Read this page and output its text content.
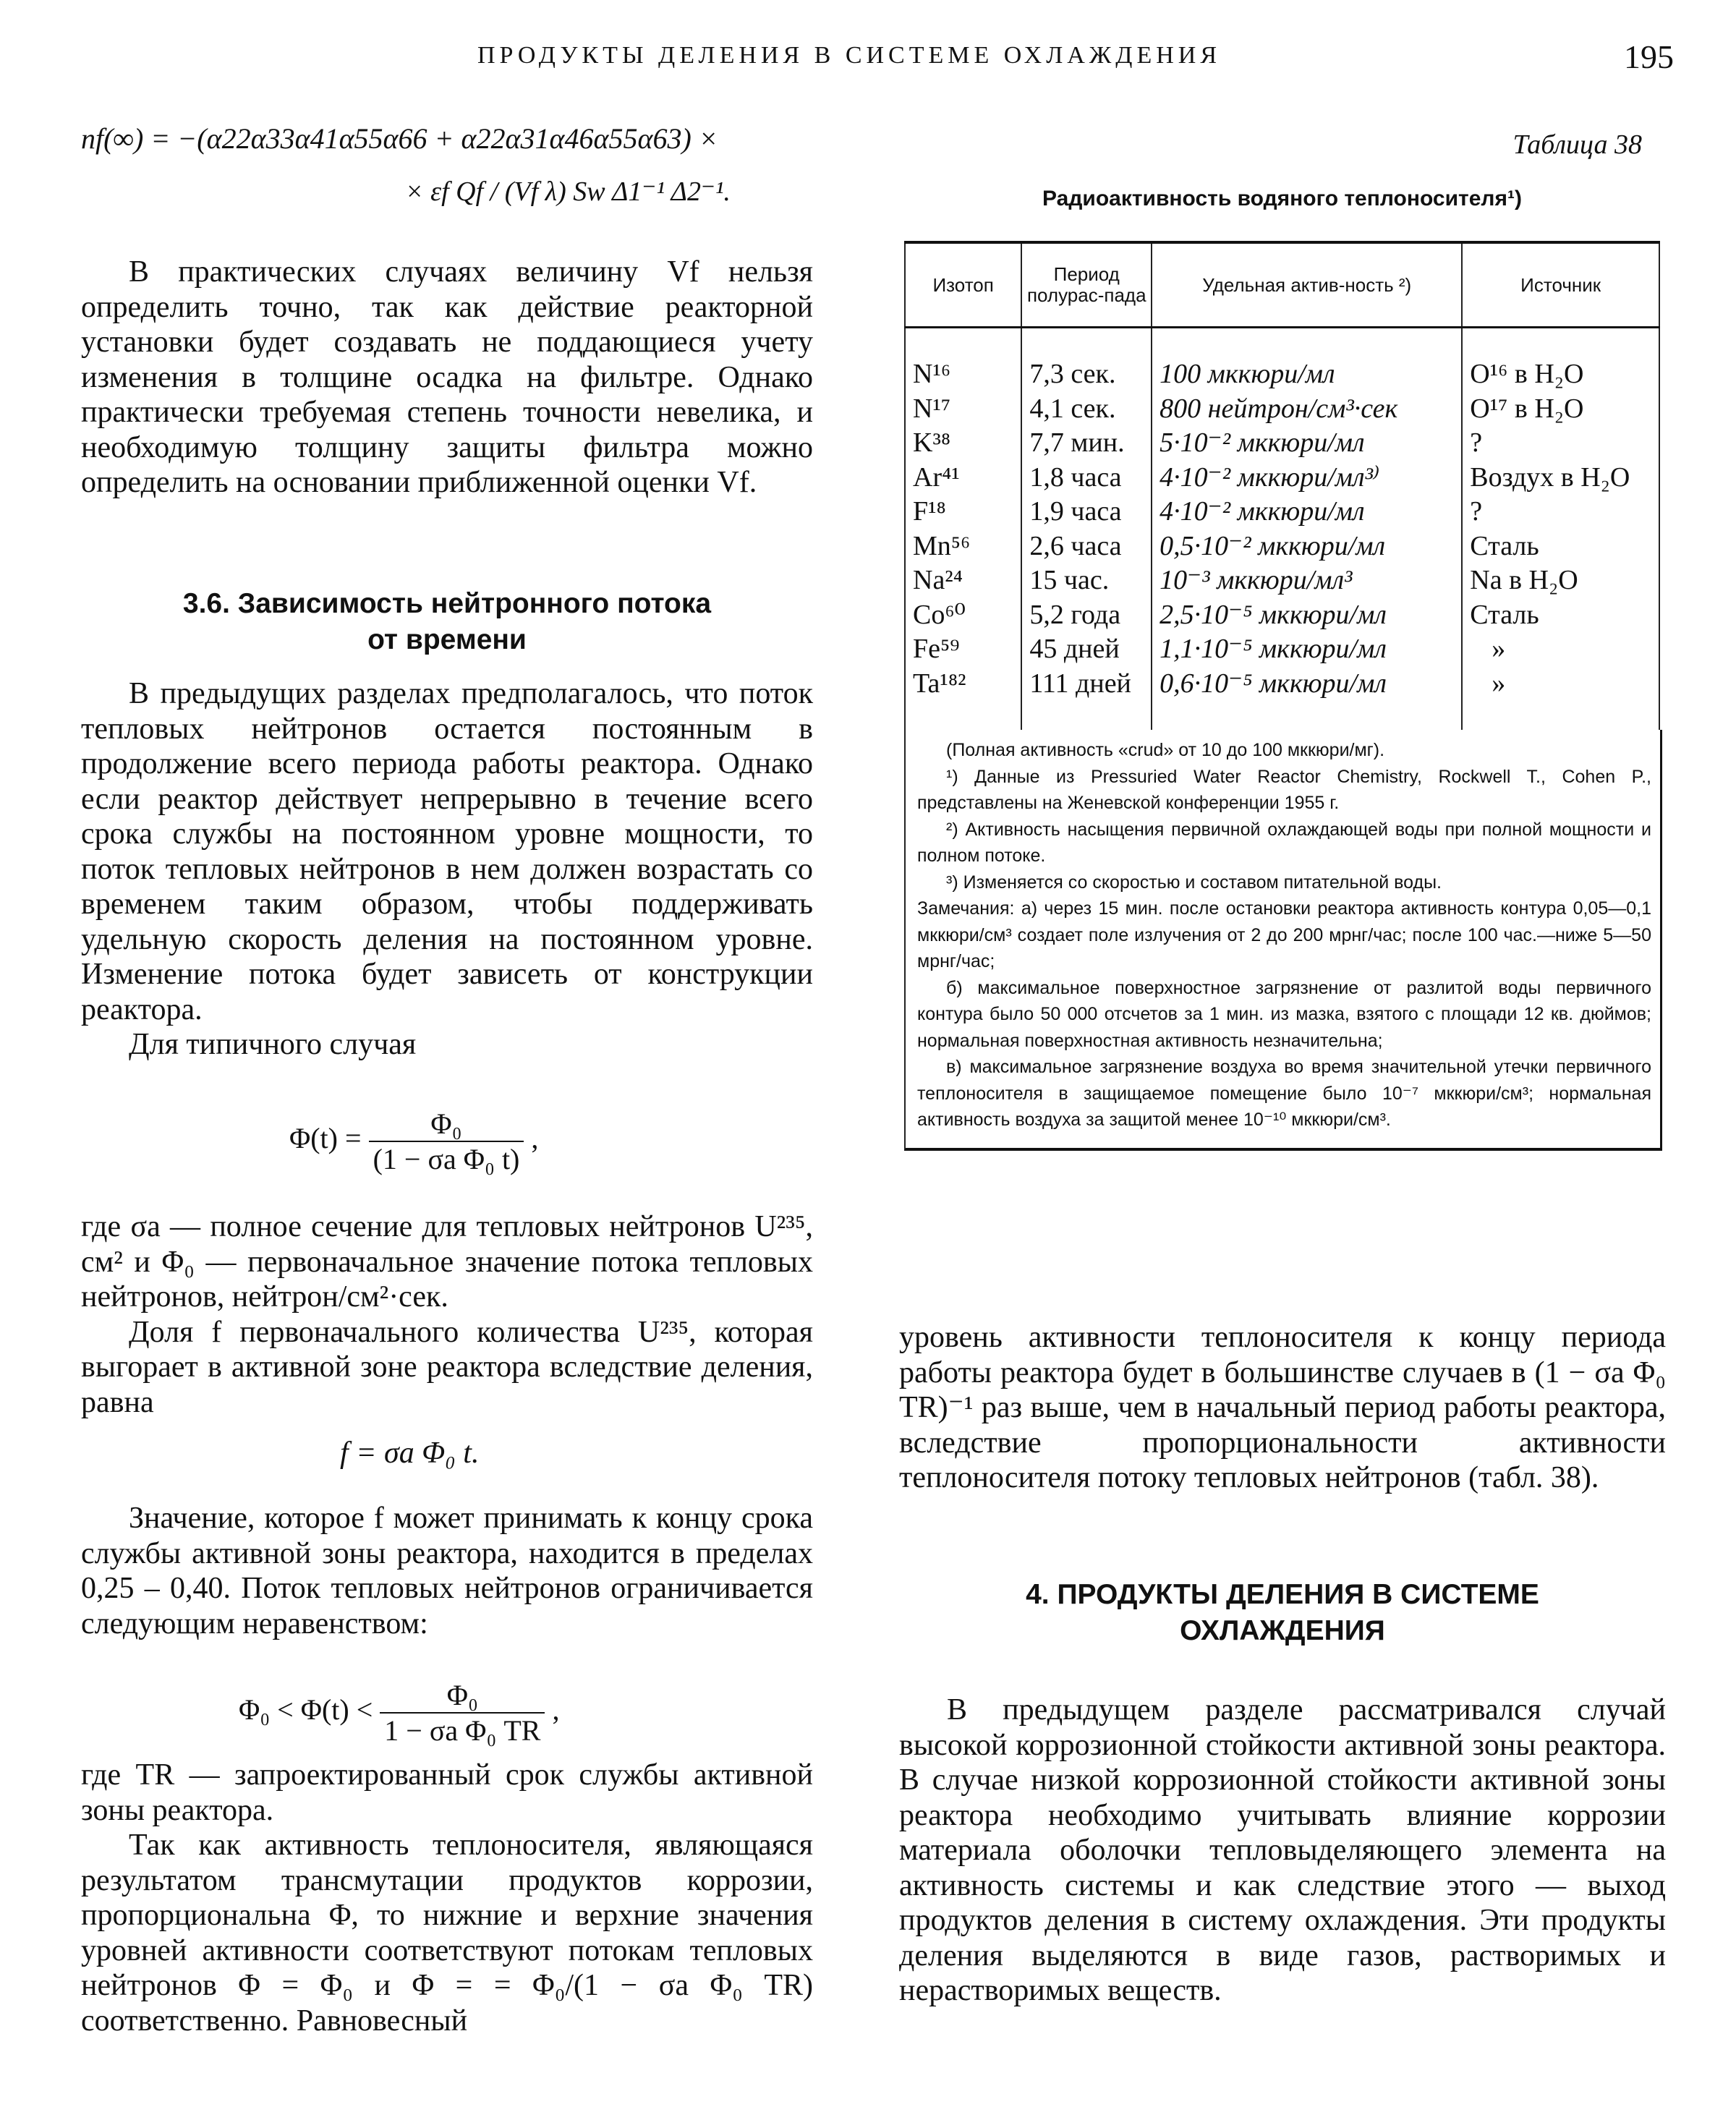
ПРОДУКТЫ ДЕЛЕНИЯ В СИСТЕМЕ ОХЛАЖДЕНИЯ	195
nf(∞) = −(α22α33α41α55α66 + α22α31α46α55α63) ×
× εf Qf / (Vf λ) Sw Δ1⁻¹ Δ2⁻¹.

В практических случаях величину Vf нельзя определить точно, так как действие реакторной установки будет создавать не поддающиеся учету изменения в толщине осадка на фильтре. Однако практически требуемая степень точности невелика, и необходимую толщину защиты фильтра можно определить на основании приближенной оценки Vf.

3.6. Зависимость нейтронного потока
от времени

В предыдущих разделах предполагалось, что поток тепловых нейтронов остается постоянным в продолжение всего периода работы реактора. Однако если реактор действует непрерывно в течение всего срока службы на постоянном уровне мощности, то поток тепловых нейтронов в нем должен возрастать со временем таким образом, чтобы поддерживать удельную скорость деления на постоянном уровне. Изменение потока будет зависеть от конструкции реактора.

Для типичного случая

$\Phi(t) = \frac{\text{Φ₀}}{\text{(1 − σa Φ₀ t)}}$ ,

где σa — полное сечение для тепловых нейтронов U²³⁵, см² и Φ₀ — первоначальное значение потока тепловых нейтронов, нейтрон/см²·сек.

Доля f первоначального количества U²³⁵, которая выгорает в активной зоне реактора вследствие деления, равна

f = σa Φ₀ t.

Значение, которое f может принимать к концу срока службы активной зоны реактора, находится в пределах 0,25 – 0,40. Поток тепловых нейтронов ограничивается следующим неравенством:

$\Phi_0 < \Phi(t) < \frac{\text{Φ₀}}{\text{1 − σa Φ₀ TR}}$ ,

где TR — запроектированный срок службы активной зоны реактора.

Так как активность теплоносителя, являющаяся результатом трансмутации продуктов коррозии, пропорциональна Φ, то нижние и верхние значения уровней активности соответствуют потокам тепловых нейтронов Φ = Φ₀ и Φ = = Φ₀/(1 − σa Φ₀ TR) соответственно. Равновесный

Таблица 38
Радиоактивность водяного теплоносителя¹)
Изотоп	Период полурас-пада	Удельная актив-ность ²)	Источник

N¹⁶	7,3 сек.	100 мккюри/мл	O¹⁶ в H₂O
N¹⁷	4,1 сек.	800 нейтрон/см³·сек	O¹⁷ в H₂O
K³⁸	7,7 мин.	5·10⁻² мккюри/мл	?
Ar⁴¹	1,8 часа	4·10⁻² мккюри/мл³⁾	Воздух в H₂O
F¹⁸	1,9 часа	4·10⁻² мккюри/мл	?
Mn⁵⁶	2,6 часа	0,5·10⁻² мккюри/мл	Сталь
Na²⁴	15 час.	10⁻³ мккюри/мл³	Na в H₂O
Co⁶⁰	5,2 года	2,5·10⁻⁵ мккюри/мл	Сталь
Fe⁵⁹	45 дней	1,1·10⁻⁵ мккюри/мл	»
Ta¹⁸²	111 дней	0,6·10⁻⁵ мккюри/мл	»

(Полная активность «crud» от 10 до 100 мккюри/мг).

¹) Данные из Pressuried Water Reactor Chemistry, Rockwell T., Cohen P., представлены на Женевской конференции 1955 г.

²) Активность насыщения первичной охлаждающей воды при полной мощности и полном потоке.

³) Изменяется со скоростью и составом питательной воды.

Замечания: а) через 15 мин. после остановки реактора активность контура 0,05—0,1 мккюри/см³ создает поле излучения от 2 до 200 мрнг/час; после 100 час.—ниже 5—50 мрнг/час;

б) максимальное поверхностное загрязнение от разлитой воды первичного контура было 50 000 отсчетов за 1 мин. из мазка, взятого с площади 12 кв. дюймов; нормальная поверхностная активность незначительна;

в) максимальное загрязнение воздуха во время значительной утечки первичного теплоносителя в защищаемое помещение было 10⁻⁷ мккюри/см³; нормальная активность воздуха за защитой менее 10⁻¹⁰ мккюри/см³.

уровень активности теплоносителя к концу периода работы реактора будет в большинстве случаев в (1 − σa Φ₀ TR)⁻¹ раз выше, чем в начальный период работы реактора, вследствие пропорциональности активности теплоносителя потоку тепловых нейтронов (табл. 38).

4. ПРОДУКТЫ ДЕЛЕНИЯ В СИСТЕМЕ
ОХЛАЖДЕНИЯ

В предыдущем разделе рассматривался случай высокой коррозионной стойкости активной зоны реактора. В случае низкой коррозионной стойкости активной зоны реактора необходимо учитывать влияние коррозии материала оболочки тепловыделяющего элемента на активность системы и как следствие этого — выход продуктов деления в систему охлаждения. Эти продукты деления выделяются в виде газов, растворимых и нерастворимых веществ.
